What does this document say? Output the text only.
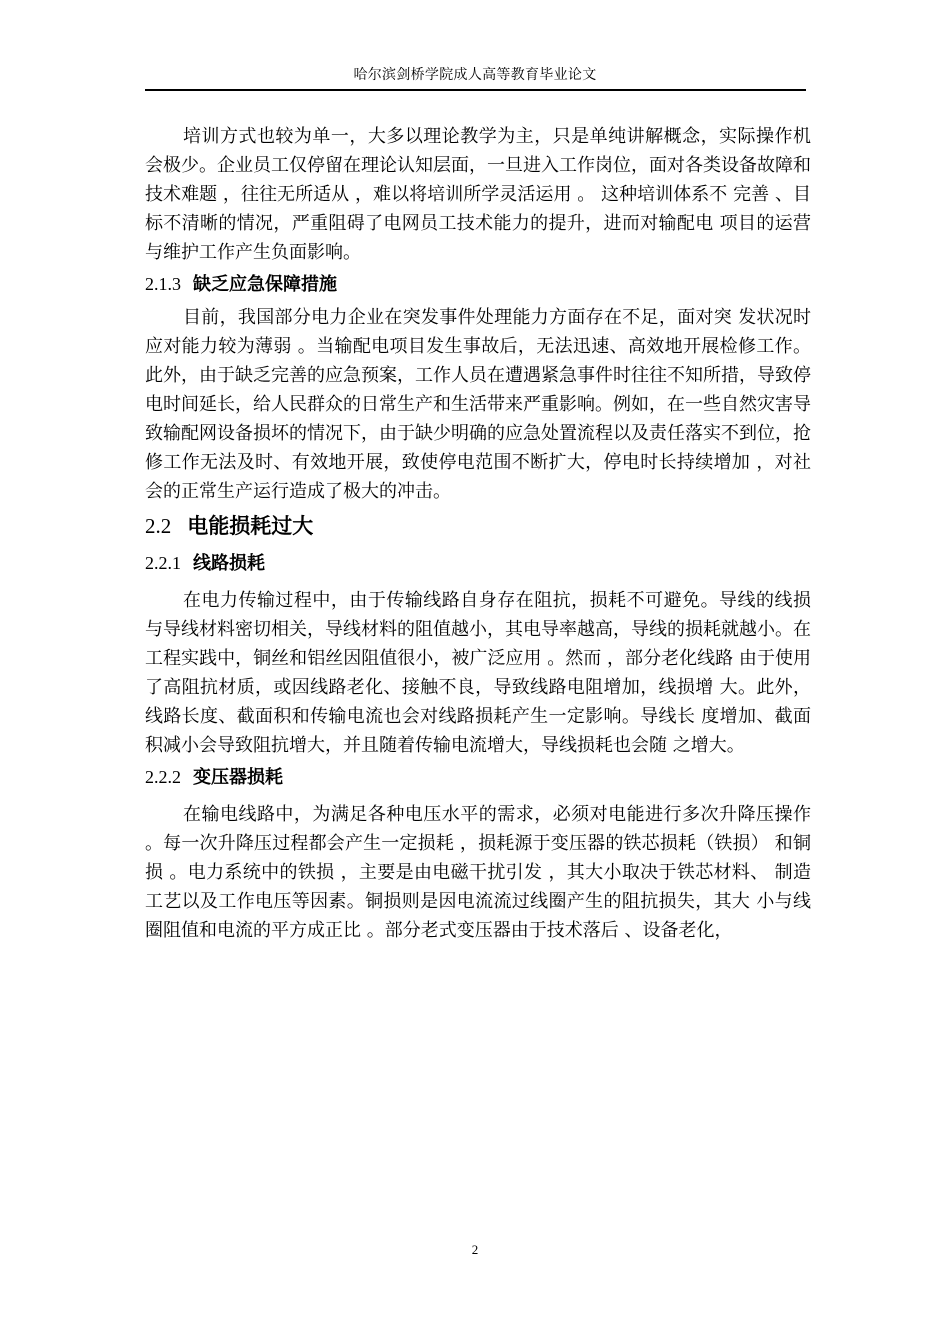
哈尔滨剑桥学院成人高等教育毕业论文

培训方式也较为单一，大多以理论教学为主，只是单纯讲解概念，实际操作机会极少。企业员工仅停留在理论认知层面，一旦进入工作岗位，面对各类设备故障和技术难题 ，往往无所适从 ，难以将培训所学灵活运用 。 这种培训体系不 完善 、目标不清晰的情况，严重阻碍了电网员工技术能力的提升，进而对输配电 项目的运营与维护工作产生负面影响。

2.1.3 缺乏应急保障措施

目前，我国部分电力企业在突发事件处理能力方面存在不足，面对突 发状况时应对能力较为薄弱 。当输配电项目发生事故后，无法迅速、高效地开展检修工作。此外，由于缺乏完善的应急预案，工作人员在遭遇紧急事件时往往不知所措，导致停电时间延长，给人民群众的日常生产和生活带来严重影响。例如，在一些自然灾害导致输配网设备损坏的情况下，由于缺少明确的应急处置流程以及责任落实不到位，抢修工作无法及时、有效地开展，致使停电范围不断扩大，停电时长持续增加 ，对社会的正常生产运行造成了极大的冲击。

2.2 电能损耗过大
2.2.1 线路损耗

在电力传输过程中，由于传输线路自身存在阻抗，损耗不可避免。导线的线损与导线材料密切相关，导线材料的阻值越小，其电导率越高，导线的损耗就越小。在工程实践中，铜丝和铝丝因阻值很小，被广泛应用 。然而 ，部分老化线路 由于使用了高阻抗材质，或因线路老化、接触不良，导致线路电阻增加，线损增 大。此外，线路长度、截面积和传输电流也会对线路损耗产生一定影响。导线长 度增加、截面积减小会导致阻抗增大，并且随着传输电流增大，导线损耗也会随 之增大。

2.2.2 变压器损耗

在输电线路中，为满足各种电压水平的需求，必须对电能进行多次升降压操作 。每一次升降压过程都会产生一定损耗 ，损耗源于变压器的铁芯损耗（铁损） 和铜损 。电力系统中的铁损 ，主要是由电磁干扰引发 ，其大小取决于铁芯材料、 制造工艺以及工作电压等因素。铜损则是因电流流过线圈产生的阻抗损失，其大 小与线圈阻值和电流的平方成正比 。部分老式变压器由于技术落后 、设备老化，

2
